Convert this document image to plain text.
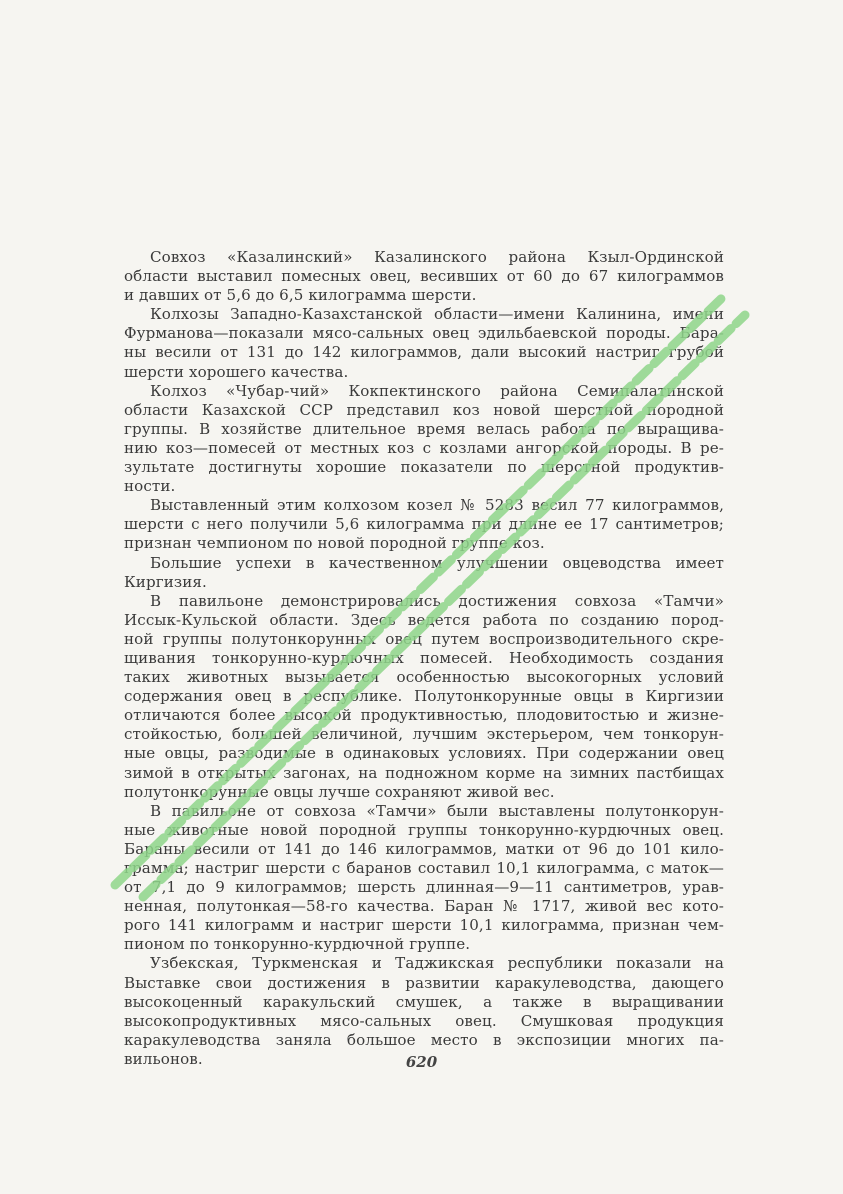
Совхоз «Казалинский» Казалинского района Кзыл-Ординской
области выставил помесных овец, весивших от 60 до 67 килограммов
и давших от 5,6 до 6,5 килограмма шерсти.

Колхозы Западно-Казахстанской области—имени Калинина, имени
Фурманова—показали мясо-сальных овец эдильбаевской породы. Бара-
ны весили от 131 до 142 килограммов, дали высокий настриг грубой
шерсти хорошего качества.

Колхоз «Чубар-чий» Кокпектинского района Семипалатинской
области Казахской ССР представил коз новой шерстной породной
группы. В хозяйстве длительное время велась работа по выращива-
нию коз—помесей от местных коз с козлами ангорской породы. В ре-
зультате достигнуты хорошие показатели по шерстной продуктив-
ности.

Выставленный этим колхозом козел № 5283 весил 77 килограммов,
шерсти с него получили 5,6 килограмма при длине ее 17 сантиметров;
признан чемпионом по новой породной группе коз.

Большие успехи в качественном улучшении овцеводства имеет
Киргизия.

В павильоне демонстрировались достижения совхоза «Тамчи»
Иссык-Кульской области. Здесь ведется работа по созданию пород-
ной группы полутонкорунных овец путем воспроизводительного скре-
щивания тонкорунно-курдючных помесей. Необходимость создания
таких животных вызывается особенностью высокогорных условий
содержания овец в республике. Полутонкорунные овцы в Киргизии
отличаются более высокой продуктивностью, плодовитостью и жизне-
стойкостью, большей величиной, лучшим экстерьером, чем тонкорун-
ные овцы, разводимые в одинаковых условиях. При содержании овец
зимой в открытых загонах, на подножном корме на зимних пастбищах
полутонкорунные овцы лучше сохраняют живой вес.

В павильоне от совхоза «Тамчи» были выставлены полутонкорун-
ные животные новой породной группы тонкорунно-курдючных овец.
Бараны весили от 141 до 146 килограммов, матки от 96 до 101 кило-
грамма; настриг шерсти с баранов составил 10,1 килограмма, с маток—
от 7,1 до 9 килограммов; шерсть длинная—9—11 сантиметров, урав-
ненная, полутонкая—58-го качества. Баран № 1717, живой вес кото-
рого 141 килограмм и настриг шерсти 10,1 килограмма, признан чем-
пионом по тонкорунно-курдючной группе.

Узбекская, Туркменская и Таджикская республики показали на
Выставке свои достижения в развитии каракулеводства, дающего
высокоценный каракульский смушек, а также в выращивании
высокопродуктивных мясо-сальных овец. Смушковая продукция
каракулеводства заняла большое место в экспозиции многих па-
вильонов.	620
